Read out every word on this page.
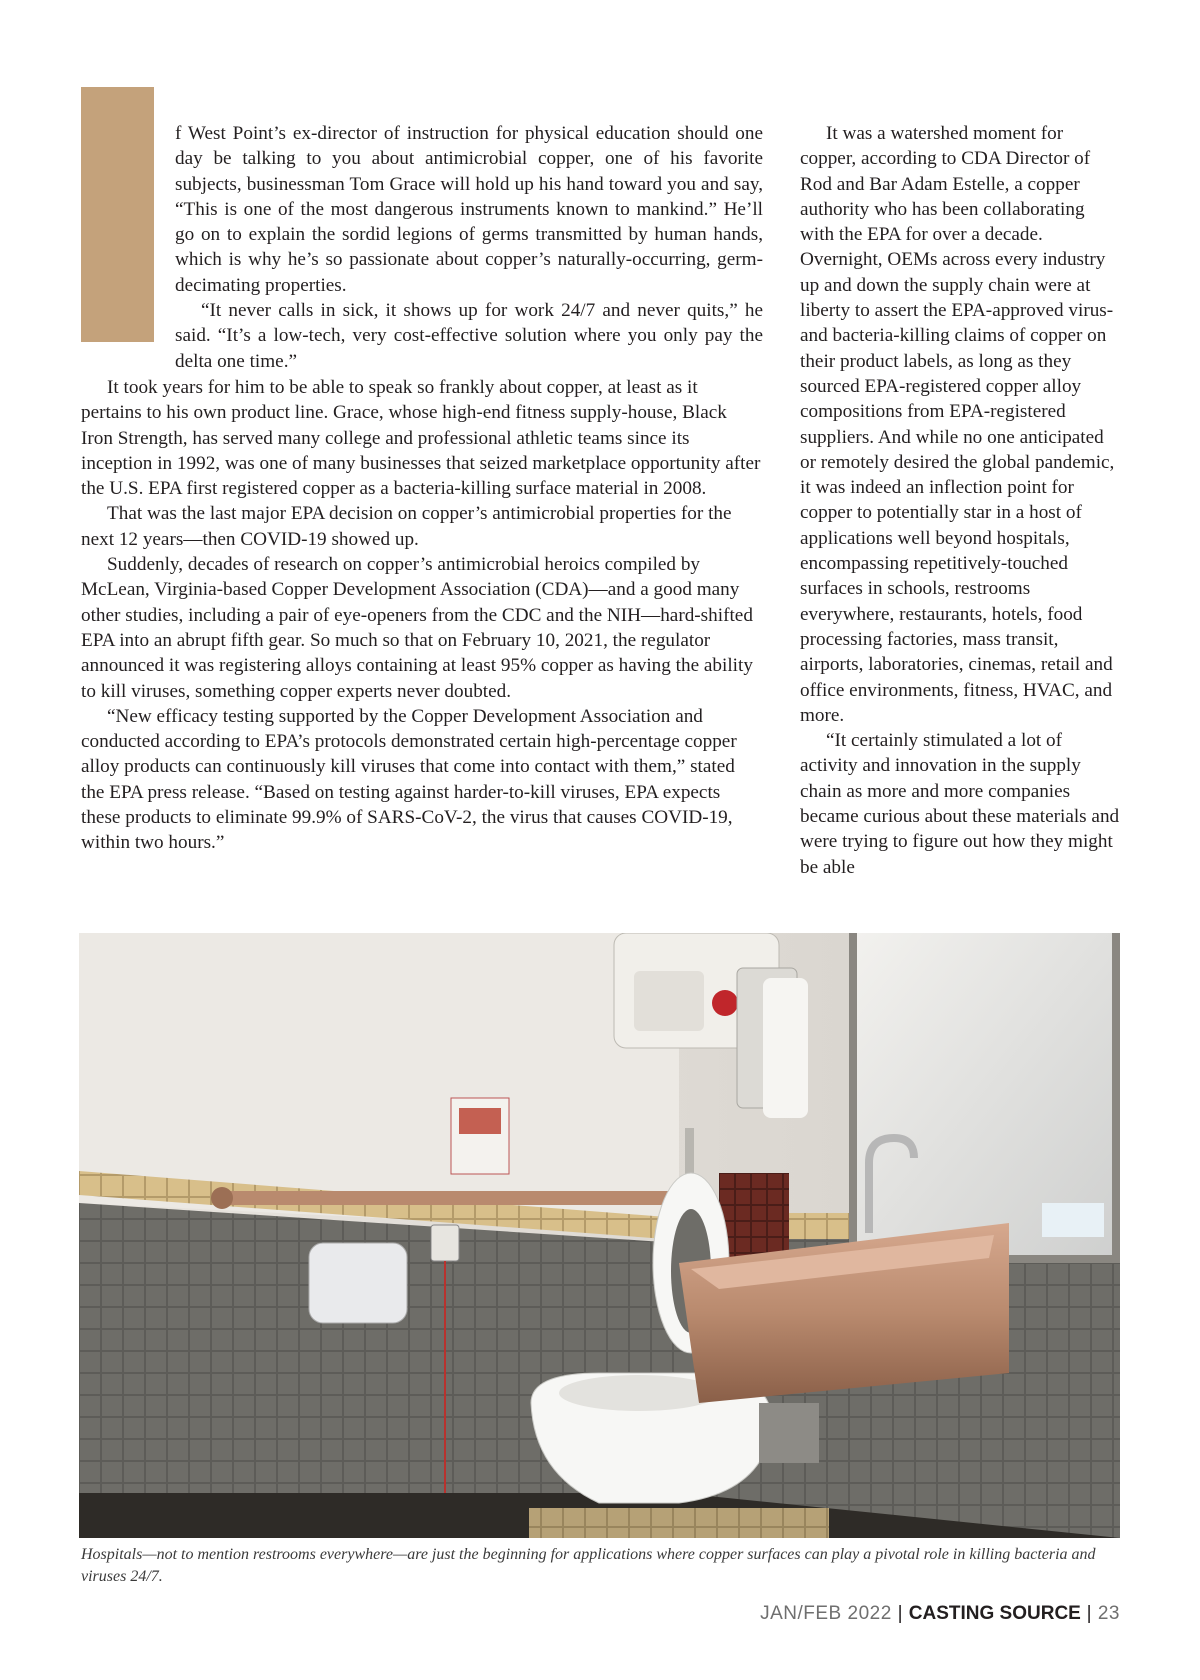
f West Point’s ex-director of instruction for physical education should one day be talking to you about antimicrobial copper, one of his favorite subjects, businessman Tom Grace will hold up his hand toward you and say, “This is one of the most dangerous instruments known to mankind.” He’ll go on to explain the sordid legions of germs transmitted by human hands, which is why he’s so passionate about copper’s naturally-occurring, germ-decimating properties.

“It never calls in sick, it shows up for work 24/7 and never quits,” he said. “It’s a low-tech, very cost-effective solution where you only pay the delta one time.”

It took years for him to be able to speak so frankly about copper, at least as it pertains to his own product line. Grace, whose high-end fitness supply-house, Black Iron Strength, has served many college and professional athletic teams since its inception in 1992, was one of many businesses that seized marketplace opportunity after the U.S. EPA first registered copper as a bacteria-killing surface material in 2008.

That was the last major EPA decision on copper’s antimicrobial properties for the next 12 years—then COVID-19 showed up.

Suddenly, decades of research on copper’s antimicrobial heroics compiled by McLean, Virginia-based Copper Development Association (CDA)—and a good many other studies, including a pair of eye-openers from the CDC and the NIH—hard-shifted EPA into an abrupt fifth gear. So much so that on February 10, 2021, the regulator announced it was registering alloys containing at least 95% copper as having the ability to kill viruses, something copper experts never doubted.

“New efficacy testing supported by the Copper Development Association and conducted according to EPA’s protocols demonstrated certain high-percentage copper alloy products can continuously kill viruses that come into contact with them,” stated the EPA press release. “Based on testing against harder-to-kill viruses, EPA expects these products to eliminate 99.9% of SARS-CoV-2, the virus that causes COVID-19, within two hours.”

It was a watershed moment for copper, according to CDA Director of Rod and Bar Adam Estelle, a copper authority who has been collaborating with the EPA for over a decade. Overnight, OEMs across every industry up and down the supply chain were at liberty to assert the EPA-approved virus- and bacteria-killing claims of copper on their product labels, as long as they sourced EPA-registered copper alloy compositions from EPA-registered suppliers. And while no one anticipated or remotely desired the global pandemic, it was indeed an inflection point for copper to potentially star in a host of applications well beyond hospitals, encompassing repetitively-touched surfaces in schools, restrooms everywhere, restaurants, hotels, food processing factories, mass transit, airports, laboratories, cinemas, retail and office environments, fitness, HVAC, and more.

“It certainly stimulated a lot of activity and innovation in the supply chain as more and more companies became curious about these materials and were trying to figure out how they might be able

Hospitals—not to mention restrooms everywhere—are just the beginning for applications where copper surfaces can play a pivotal role in killing bacteria and viruses 24/7.
JAN/FEB 2022 | CASTING SOURCE | 23
